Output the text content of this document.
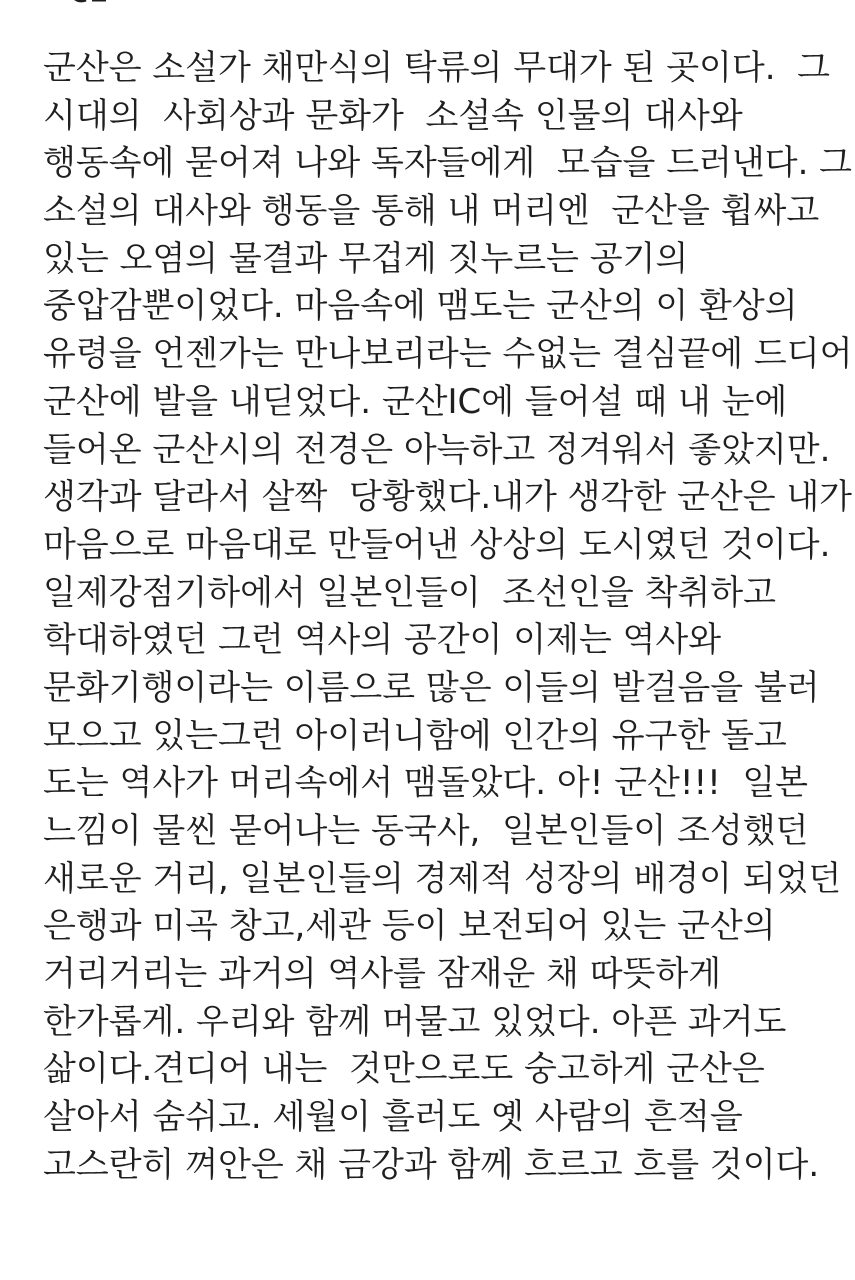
군산은 소설가 채만식의 탁류의 무대가 된 곳이다.  그
시대의  사회상과 문화가  소설속 인물의 대사와
행동속에 묻어져 나와 독자들에게  모습을 드러낸다. 그
소설의 대사와 행동을 통해 내 머리엔  군산을 휩싸고
있는 오염의 물결과 무겁게 짓누르는 공기의
중압감뿐이었다. 마음속에 맴도는 군산의 이 환상의
유령을 언젠가는 만나보리라는 수없는 결심끝에 드디어
군산에 발을 내딛었다. 군산IC에 들어설 때 내 눈에
들어온 군산시의 전경은 아늑하고 정겨워서 좋았지만.
생각과 달라서 살짝  당황했다.내가 생각한 군산은 내가
마음으로 마음대로 만들어낸 상상의 도시였던 것이다.
일제강점기하에서 일본인들이  조선인을 착취하고
학대하였던 그런 역사의 공간이 이제는 역사와
문화기행이라는 이름으로 많은 이들의 발걸음을 불러
모으고 있는그런 아이러니함에 인간의 유구한 돌고
도는 역사가 머리속에서 맴돌았다. 아! 군산!!!  일본
느낌이 물씬 묻어나는 동국사,  일본인들이 조성했던
새로운 거리, 일본인들의 경제적 성장의 배경이 되었던
은행과 미곡 창고,세관 등이 보전되어 있는 군산의
거리거리는 과거의 역사를 잠재운 채 따뜻하게
한가롭게. 우리와 함께 머물고 있었다. 아픈 과거도
삶이다.견디어 내는  것만으로도 숭고하게 군산은
살아서 숨쉬고. 세월이 흘러도 옛 사람의 흔적을
고스란히 껴안은 채 금강과 함께 흐르고 흐를 것이다.
